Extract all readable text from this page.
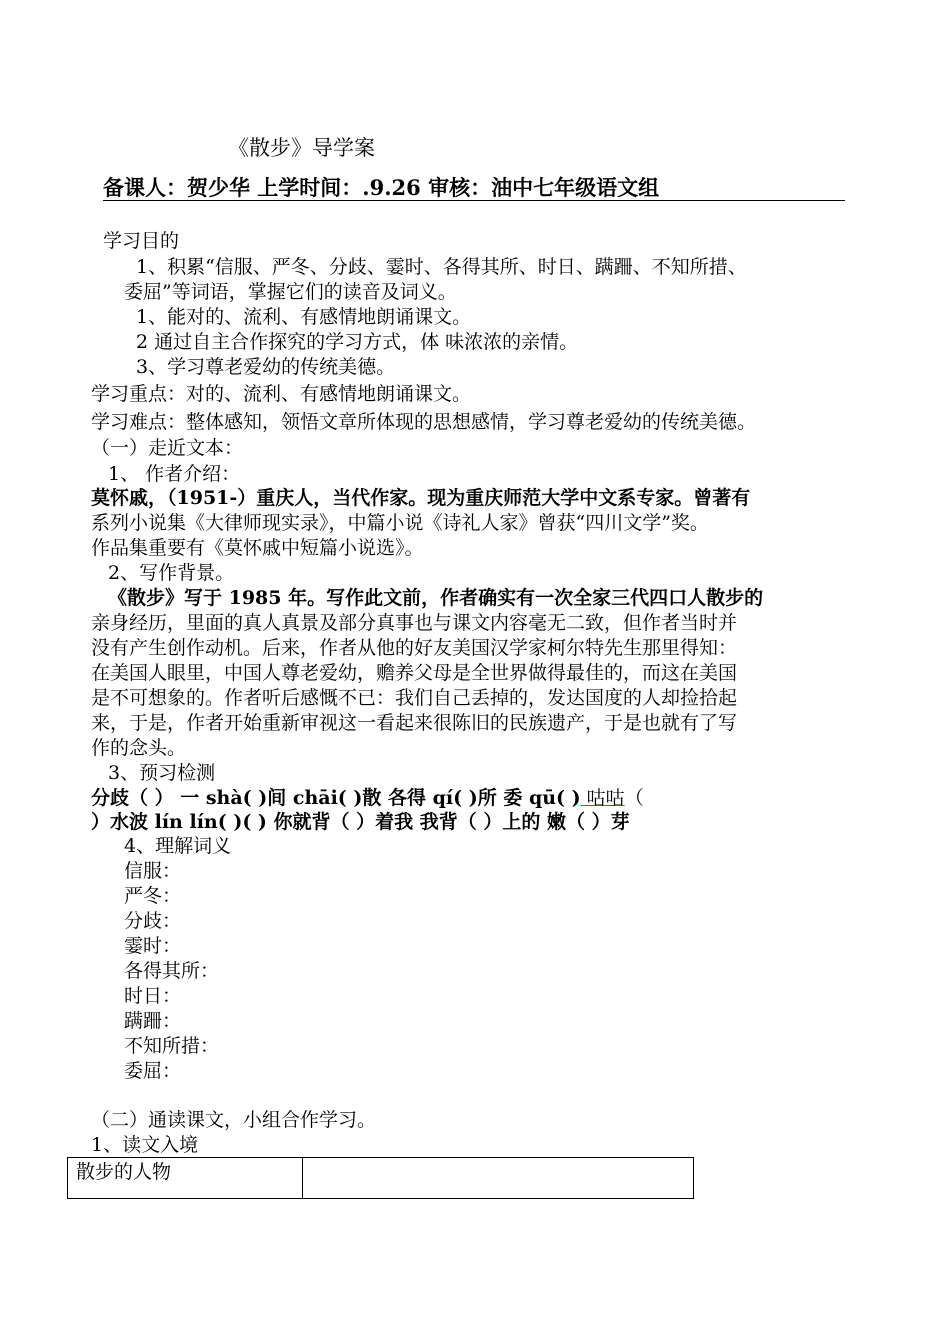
《散步》导学案
备课人：贺少华 上学时间：.9.26 审核：油中七年级语文组
学习目的
1、积累“信服、严冬、分歧、霎时、各得其所、时日、蹒跚、不知所措、
委屈”等词语，掌握它们的读音及词义。
1、能对的、流利、有感情地朗诵课文。
2 通过自主合作探究的学习方式，体 味浓浓的亲情。
3、学习尊老爱幼的传统美德。
学习重点：对的、流利、有感情地朗诵课文。
学习难点：整体感知，领悟文章所体现的思想感情，学习尊老爱幼的传统美德。
（一）走近文本：
1、 作者介绍：
莫怀戚，（1951-）重庆人，当代作家。现为重庆师范大学中文系专家。曾著有
系列小说集《大律师现实录》，中篇小说《诗礼人家》曾获“四川文学”奖。
作品集重要有《莫怀戚中短篇小说选》。
2、写作背景。
《散步》写于 1985 年。写作此文前，作者确实有一次全家三代四口人散步的
亲身经历，里面的真人真景及部分真事也与课文内容毫无二致，但作者当时并
没有产生创作动机。后来，作者从他的好友美国汉学家柯尔特先生那里得知：
在美国人眼里，中国人尊老爱幼，赡养父母是全世界做得最佳的，而这在美国
是不可想象的。作者听后感慨不已：我们自己丢掉的，发达国度的人却捡拾起
来，于是，作者开始重新审视这一看起来很陈旧的民族遗产，于是也就有了写
作的念头。
3、预习检测
分歧（ ） 一 shà( )间 chāi( )散 各得 qí( )所 委 qū( ) 咕咕（
）水波 lín lín( )( ) 你就背（ ）着我 我背（ ）上的 嫩（ ）芽
4、理解词义
信服：
严冬：
分歧：
霎时：
各得其所：
时日：
蹒跚：
不知所措：
委屈：
（二）通读课文，小组合作学习。
1、读文入境
散步的人物	
